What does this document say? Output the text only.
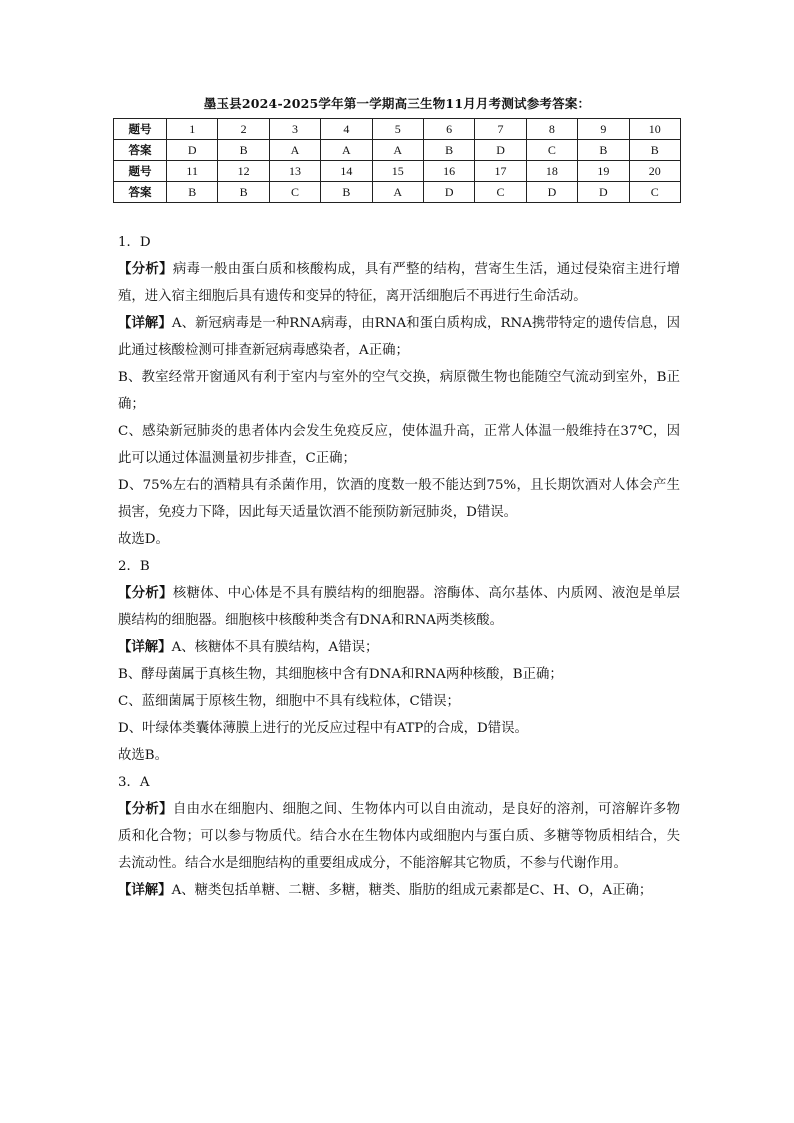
墨玉县2024-2025学年第一学期高三生物11月月考测试参考答案：
题号	1	2	3	4	5	6	7	8	9	10
答案	D	B	A	A	A	B	D	C	B	B
题号	11	12	13	14	15	16	17	18	19	20
答案	B	B	C	B	A	D	C	D	D	C

1．D

【分析】病毒一般由蛋白质和核酸构成，具有严整的结构，营寄生生活，通过侵染宿主进行增殖，进入宿主细胞后具有遗传和变异的特征，离开活细胞后不再进行生命活动。

【详解】A、新冠病毒是一种RNA病毒，由RNA和蛋白质构成，RNA携带特定的遗传信息，因此通过核酸检测可排查新冠病毒感染者，A正确；

B、教室经常开窗通风有利于室内与室外的空气交换，病原微生物也能随空气流动到室外，B正确；

C、感染新冠肺炎的患者体内会发生免疫反应，使体温升高，正常人体温一般维持在37℃，因此可以通过体温测量初步排查，C正确；

D、75%左右的酒精具有杀菌作用，饮酒的度数一般不能达到75%，且长期饮酒对人体会产生损害，免疫力下降，因此每天适量饮酒不能预防新冠肺炎，D错误。

故选D。

2．B

【分析】核糖体、中心体是不具有膜结构的细胞器。溶酶体、高尔基体、内质网、液泡是单层膜结构的细胞器。细胞核中核酸种类含有DNA和RNA两类核酸。

【详解】A、核糖体不具有膜结构，A错误；

B、酵母菌属于真核生物，其细胞核中含有DNA和RNA两种核酸，B正确；

C、蓝细菌属于原核生物，细胞中不具有线粒体，C错误；

D、叶绿体类囊体薄膜上进行的光反应过程中有ATP的合成，D错误。

故选B。

3．A

【分析】自由水在细胞内、细胞之间、生物体内可以自由流动，是良好的溶剂，可溶解许多物质和化合物；可以参与物质代。结合水在生物体内或细胞内与蛋白质、多糖等物质相结合，失去流动性。结合水是细胞结构的重要组成成分，不能溶解其它物质，不参与代谢作用。

【详解】A、糖类包括单糖、二糖、多糖，糖类、脂肪的组成元素都是C、H、O，A正确；
